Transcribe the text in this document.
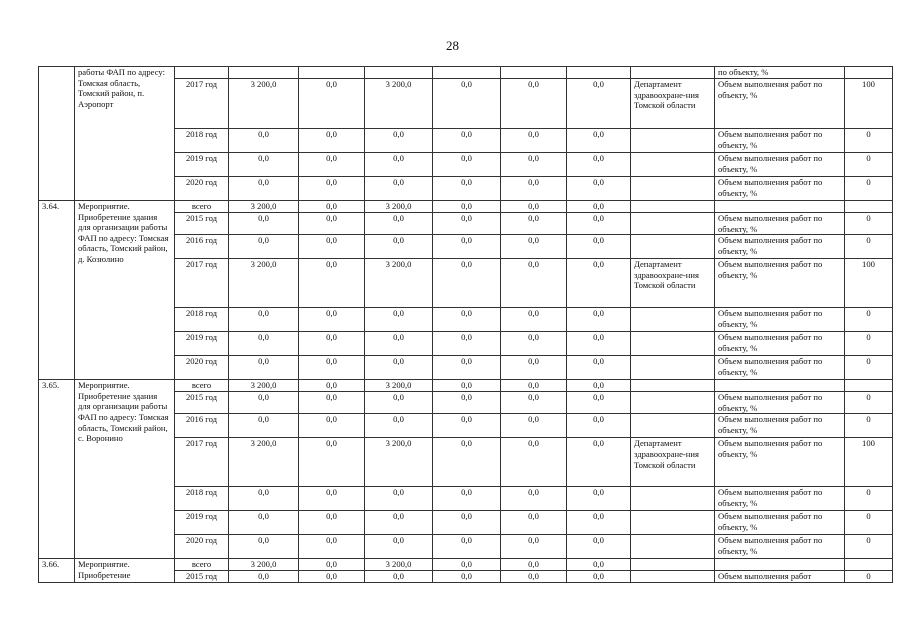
28
	работы ФАП по адресу: Томская область, Томский район, п. Аэропорт									по объекту, %	
		2017 год	3 200,0	0,0	3 200,0	0,0	0,0	0,0	Департамент здравоохране-ния Томской области	Объем выполнения работ по объекту, %	100
		2018 год	0,0	0,0	0,0	0,0	0,0	0,0		Объем выполнения работ по объекту, %	0
		2019 год	0,0	0,0	0,0	0,0	0,0	0,0		Объем выполнения работ по объекту, %	0
		2020 год	0,0	0,0	0,0	0,0	0,0	0,0		Объем выполнения работ по объекту, %	0
3.64.	Мероприятие. Приобретение здания для организации работы ФАП по адресу: Томская область, Томский район, д. Козюлино	всего	3 200,0	0,0	3 200,0	0,0	0,0	0,0			
		2015 год	0,0	0,0	0,0	0,0	0,0	0,0		Объем выполнения работ по объекту, %	0
		2016 год	0,0	0,0	0,0	0,0	0,0	0,0		Объем выполнения работ по объекту, %	0
		2017 год	3 200,0	0,0	3 200,0	0,0	0,0	0,0	Департамент здравоохране-ния Томской области	Объем выполнения работ по объекту, %	100
		2018 год	0,0	0,0	0,0	0,0	0,0	0,0		Объем выполнения работ по объекту, %	0
		2019 год	0,0	0,0	0,0	0,0	0,0	0,0		Объем выполнения работ по объекту, %	0
		2020 год	0,0	0,0	0,0	0,0	0,0	0,0		Объем выполнения работ по объекту, %	0
3.65.	Мероприятие. Приобретение здания для организации работы ФАП по адресу: Томская область, Томский район, с. Воронино	всего	3 200,0	0,0	3 200,0	0,0	0,0	0,0			
		2015 год	0,0	0,0	0,0	0,0	0,0	0,0		Объем выполнения работ по объекту, %	0
		2016 год	0,0	0,0	0,0	0,0	0,0	0,0		Объем выполнения работ по объекту, %	0
		2017 год	3 200,0	0,0	3 200,0	0,0	0,0	0,0	Департамент здравоохране-ния Томской области	Объем выполнения работ по объекту, %	100
		2018 год	0,0	0,0	0,0	0,0	0,0	0,0		Объем выполнения работ по объекту, %	0
		2019 год	0,0	0,0	0,0	0,0	0,0	0,0		Объем выполнения работ по объекту, %	0
		2020 год	0,0	0,0	0,0	0,0	0,0	0,0		Объем выполнения работ по объекту, %	0
3.66.	Мероприятие. Приобретение	всего	3 200,0	0,0	3 200,0	0,0	0,0	0,0			
		2015 год	0,0	0,0	0,0	0,0	0,0	0,0		Объем выполнения работ	0
